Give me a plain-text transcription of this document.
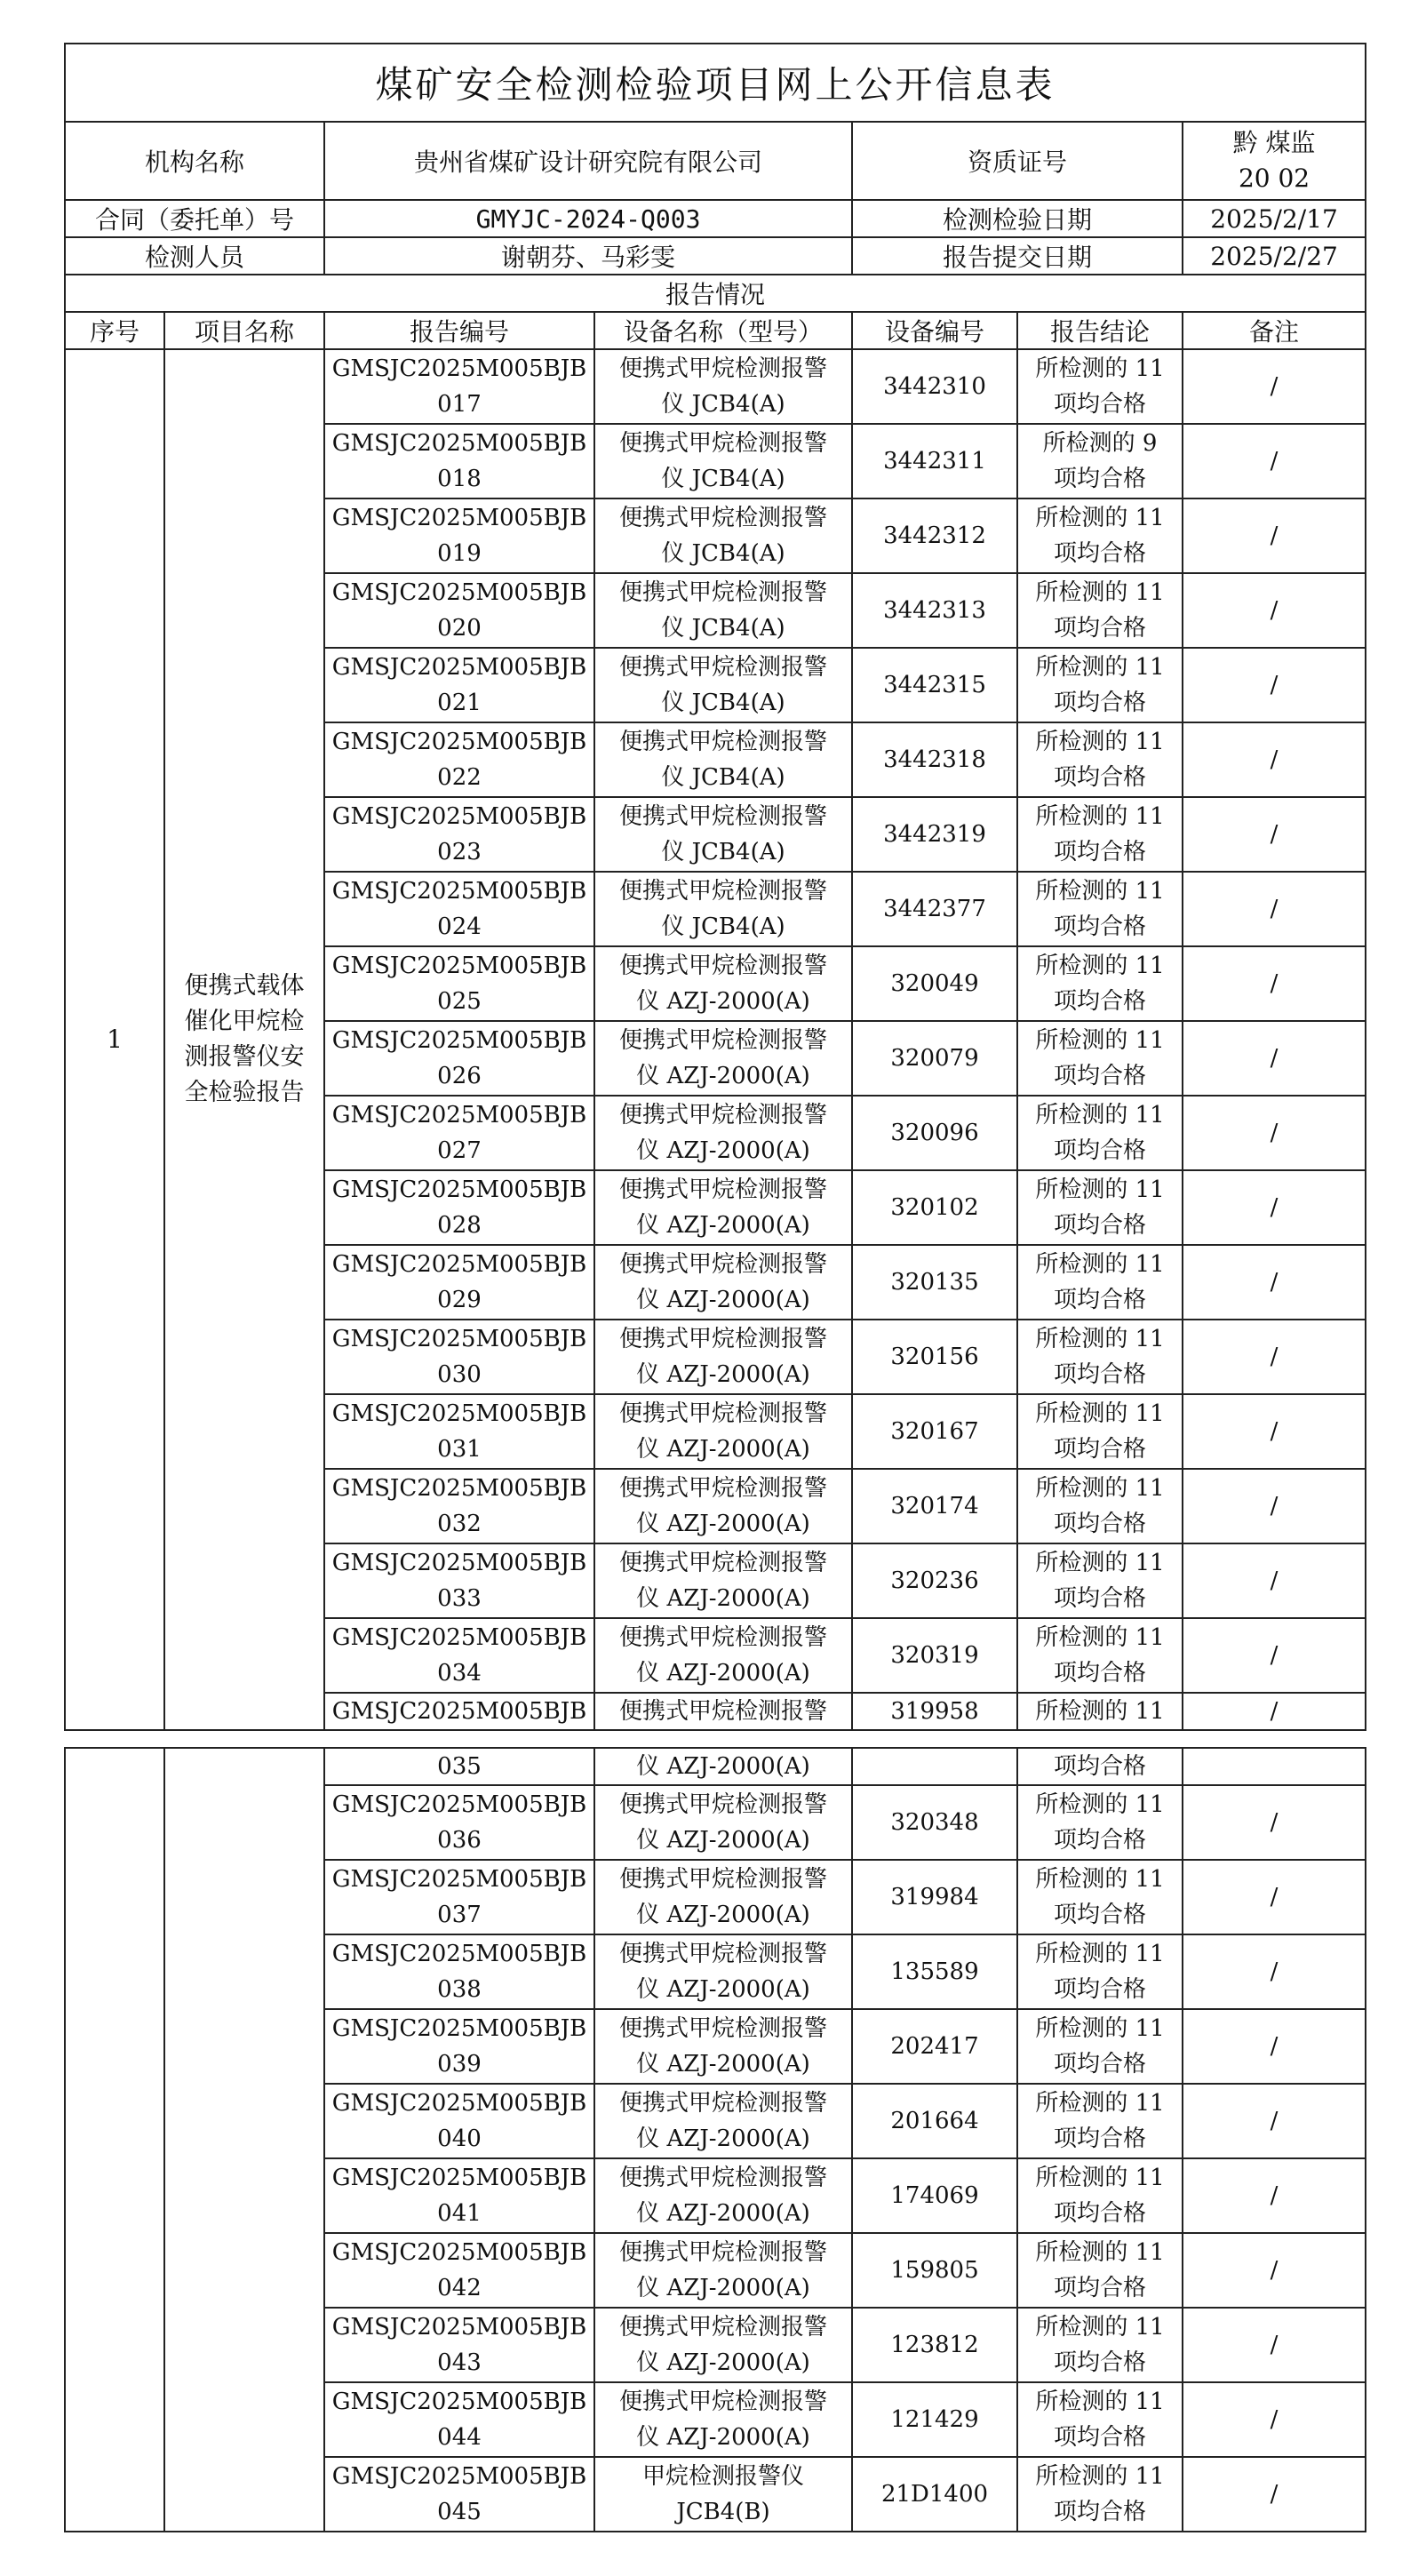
煤矿安全检测检验项目网上公开信息表						
机构名称		贵州省煤矿设计研究院有限公司		资质证号		黔 煤监
20 02
合同（委托单）号		GMYJC-2024-Q003		检测检验日期		2025/2/17
检测人员		谢朝芬、马彩雯		报告提交日期		2025/2/27
报告情况						
序号	项目名称	报告编号	设备名称（型号）	设备编号	报告结论	备注
1	便携式载体催化甲烷检测报警仪安全检验报告	GMSJC2025M005BJB
017	便携式甲烷检测报警
仪 JCB4(A)	3442310	所检测的 11
项均合格	/
		GMSJC2025M005BJB
018	便携式甲烷检测报警
仪 JCB4(A)	3442311	所检测的 9
项均合格	/
		GMSJC2025M005BJB
019	便携式甲烷检测报警
仪 JCB4(A)	3442312	所检测的 11
项均合格	/
		GMSJC2025M005BJB
020	便携式甲烷检测报警
仪 JCB4(A)	3442313	所检测的 11
项均合格	/
		GMSJC2025M005BJB
021	便携式甲烷检测报警
仪 JCB4(A)	3442315	所检测的 11
项均合格	/
		GMSJC2025M005BJB
022	便携式甲烷检测报警
仪 JCB4(A)	3442318	所检测的 11
项均合格	/
		GMSJC2025M005BJB
023	便携式甲烷检测报警
仪 JCB4(A)	3442319	所检测的 11
项均合格	/
		GMSJC2025M005BJB
024	便携式甲烷检测报警
仪 JCB4(A)	3442377	所检测的 11
项均合格	/
		GMSJC2025M005BJB
025	便携式甲烷检测报警
仪 AZJ-2000(A)	320049	所检测的 11
项均合格	/
		GMSJC2025M005BJB
026	便携式甲烷检测报警
仪 AZJ-2000(A)	320079	所检测的 11
项均合格	/
		GMSJC2025M005BJB
027	便携式甲烷检测报警
仪 AZJ-2000(A)	320096	所检测的 11
项均合格	/
		GMSJC2025M005BJB
028	便携式甲烷检测报警
仪 AZJ-2000(A)	320102	所检测的 11
项均合格	/
		GMSJC2025M005BJB
029	便携式甲烷检测报警
仪 AZJ-2000(A)	320135	所检测的 11
项均合格	/
		GMSJC2025M005BJB
030	便携式甲烷检测报警
仪 AZJ-2000(A)	320156	所检测的 11
项均合格	/
		GMSJC2025M005BJB
031	便携式甲烷检测报警
仪 AZJ-2000(A)	320167	所检测的 11
项均合格	/
		GMSJC2025M005BJB
032	便携式甲烷检测报警
仪 AZJ-2000(A)	320174	所检测的 11
项均合格	/
		GMSJC2025M005BJB
033	便携式甲烷检测报警
仪 AZJ-2000(A)	320236	所检测的 11
项均合格	/
		GMSJC2025M005BJB
034	便携式甲烷检测报警
仪 AZJ-2000(A)	320319	所检测的 11
项均合格	/
		GMSJC2025M005BJB	便携式甲烷检测报警	319958	所检测的 11	/
		035	仪 AZJ-2000(A)		项均合格	
		GMSJC2025M005BJB
036	便携式甲烷检测报警
仪 AZJ-2000(A)	320348	所检测的 11
项均合格	/
		GMSJC2025M005BJB
037	便携式甲烷检测报警
仪 AZJ-2000(A)	319984	所检测的 11
项均合格	/
		GMSJC2025M005BJB
038	便携式甲烷检测报警
仪 AZJ-2000(A)	135589	所检测的 11
项均合格	/
		GMSJC2025M005BJB
039	便携式甲烷检测报警
仪 AZJ-2000(A)	202417	所检测的 11
项均合格	/
		GMSJC2025M005BJB
040	便携式甲烷检测报警
仪 AZJ-2000(A)	201664	所检测的 11
项均合格	/
		GMSJC2025M005BJB
041	便携式甲烷检测报警
仪 AZJ-2000(A)	174069	所检测的 11
项均合格	/
		GMSJC2025M005BJB
042	便携式甲烷检测报警
仪 AZJ-2000(A)	159805	所检测的 11
项均合格	/
		GMSJC2025M005BJB
043	便携式甲烷检测报警
仪 AZJ-2000(A)	123812	所检测的 11
项均合格	/
		GMSJC2025M005BJB
044	便携式甲烷检测报警
仪 AZJ-2000(A)	121429	所检测的 11
项均合格	/
		GMSJC2025M005BJB
045	甲烷检测报警仪
JCB4(B)	21D1400	所检测的 11
项均合格	/
